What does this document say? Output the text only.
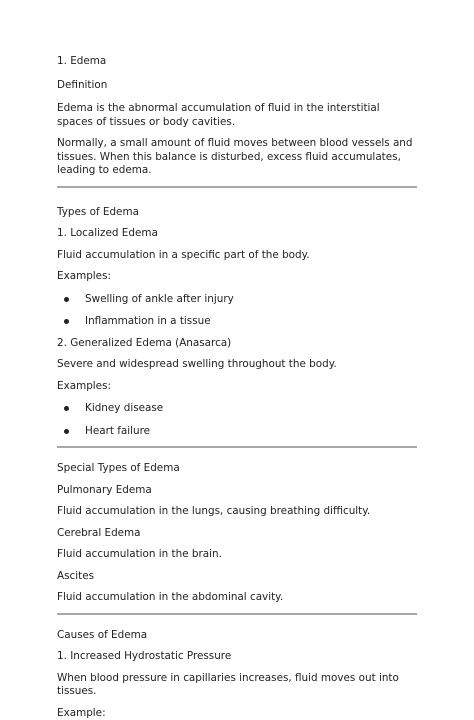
1. Edema

Definition

Edema is the abnormal accumulation of fluid in the interstitial spaces of tissues or body cavities.

Normally, a small amount of fluid moves between blood vessels and tissues. When this balance is disturbed, excess fluid accumulates, leading to edema.

Types of Edema

1. Localized Edema

Fluid accumulation in a specific part of the body.

Examples:

Swelling of ankle after injury
Inflammation in a tissue

2. Generalized Edema (Anasarca)

Severe and widespread swelling throughout the body.

Examples:

Kidney disease
Heart failure

Special Types of Edema

Pulmonary Edema

Fluid accumulation in the lungs, causing breathing difficulty.

Cerebral Edema

Fluid accumulation in the brain.

Ascites

Fluid accumulation in the abdominal cavity.

Causes of Edema

1. Increased Hydrostatic Pressure

When blood pressure in capillaries increases, fluid moves out into tissues.

Example:
